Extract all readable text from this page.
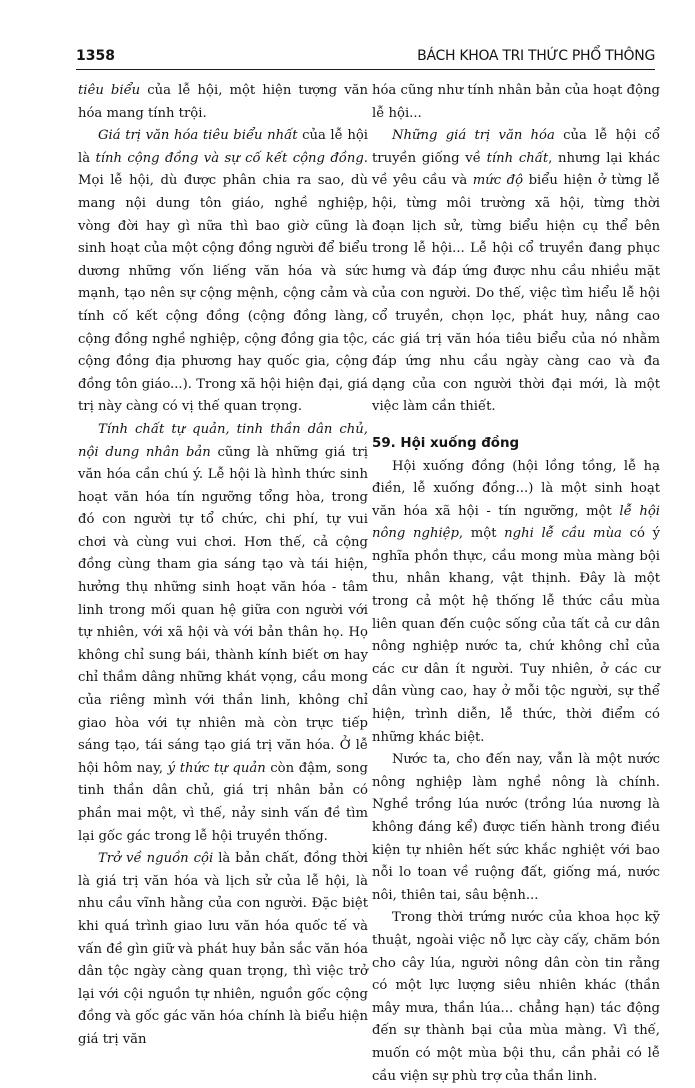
1358	BÁCH KHOA TRI THỨC PHỔ THÔNG

tiêu biểu của lễ hội, một hiện tượng văn hóa mang tính trội.

Giá trị văn hóa tiêu biểu nhất của lễ hội là tính cộng đồng và sự cố kết cộng đồng. Mọi lễ hội, dù được phân chia ra sao, dù mang nội dung tôn giáo, nghề nghiệp, vòng đời hay gì nữa thì bao giờ cũng là sinh hoạt của một cộng đồng người để biểu dương những vốn liếng văn hóa và sức mạnh, tạo nên sự cộng mệnh, cộng cảm và tính cố kết cộng đồng (cộng đồng làng, cộng đồng nghề nghiệp, cộng đồng gia tộc, cộng đồng địa phương hay quốc gia, cộng đồng tôn giáo...). Trong xã hội hiện đại, giá trị này càng có vị thế quan trọng.

Tính chất tự quản, tinh thần dân chủ, nội dung nhân bản cũng là những giá trị văn hóa cần chú ý. Lễ hội là hình thức sinh hoạt văn hóa tín ngưỡng tổng hòa, trong đó con người tự tổ chức, chi phí, tự vui chơi và cùng vui chơi. Hơn thế, cả cộng đồng cùng tham gia sáng tạo và tái hiện, hưởng thụ những sinh hoạt văn hóa - tâm linh trong mối quan hệ giữa con người với tự nhiên, với xã hội và với bản thân họ. Họ không chỉ sung bái, thành kính biết ơn hay chỉ thầm dâng những khát vọng, cầu mong của riêng mình với thần linh, không chỉ giao hòa với tự nhiên mà còn trực tiếp sáng tạo, tái sáng tạo giá trị văn hóa. Ở lễ hội hôm nay, ý thức tự quản còn đậm, song tinh thần dân chủ, giá trị nhân bản có phần mai một, vì thế, nảy sinh vấn đề tìm lại gốc gác trong lễ hội truyền thống.

Trở về nguồn cội là bản chất, đồng thời là giá trị văn hóa và lịch sử của lễ hội, là nhu cầu vĩnh hằng của con người. Đặc biệt khi quá trình giao lưu văn hóa quốc tế và vấn đề gìn giữ và phát huy bản sắc văn hóa dân tộc ngày càng quan trọng, thì việc trở lại với cội nguồn tự nhiên, nguồn gốc cộng đồng và gốc gác văn hóa chính là biểu hiện giá trị văn

hóa cũng như tính nhân bản của hoạt động lễ hội...

Những giá trị văn hóa của lễ hội cổ truyền giống về tính chất, nhưng lại khác về yêu cầu và mức độ biểu hiện ở từng lễ hội, từng môi trường xã hội, từng thời đoạn lịch sử, từng biểu hiện cụ thể bên trong lễ hội... Lễ hội cổ truyền đang phục hưng và đáp ứng được nhu cầu nhiều mặt của con người. Do thế, việc tìm hiểu lễ hội cổ truyền, chọn lọc, phát huy, nâng cao các giá trị văn hóa tiêu biểu của nó nhằm đáp ứng nhu cầu ngày càng cao và đa dạng của con người thời đại mới, là một việc làm cần thiết.

59. Hội xuống đồng

Hội xuống đồng (hội lồng tồng, lễ hạ điền, lễ xuống đồng...) là một sinh hoạt văn hóa xã hội - tín ngưỡng, một lễ hội nông nghiệp, một nghi lễ cầu mùa có ý nghĩa phồn thực, cầu mong mùa màng bội thu, nhân khang, vật thịnh. Đây là một trong cả một hệ thống lễ thức cầu mùa liên quan đến cuộc sống của tất cả cư dân nông nghiệp nước ta, chứ không chỉ của các cư dân ít người. Tuy nhiên, ở các cư dân vùng cao, hay ở mỗi tộc người, sự thể hiện, trình diễn, lễ thức, thời điểm có những khác biệt.

Nước ta, cho đến nay, vẫn là một nước nông nghiệp làm nghề nông là chính. Nghề trồng lúa nước (trồng lúa nương là không đáng kể) được tiến hành trong điều kiện tự nhiên hết sức khắc nghiệt với bao nỗi lo toan về ruộng đất, giống má, nước nôi, thiên tai, sâu bệnh...

Trong thời trứng nước của khoa học kỹ thuật, ngoài việc nỗ lực cày cấy, chăm bón cho cây lúa, người nông dân còn tin rằng có một lực lượng siêu nhiên khác (thần mây mưa, thần lúa... chẳng hạn) tác động đến sự thành bại của mùa màng. Vì thế, muốn có một mùa bội thu, cần phải có lễ cầu viện sự phù trợ của thần linh.
